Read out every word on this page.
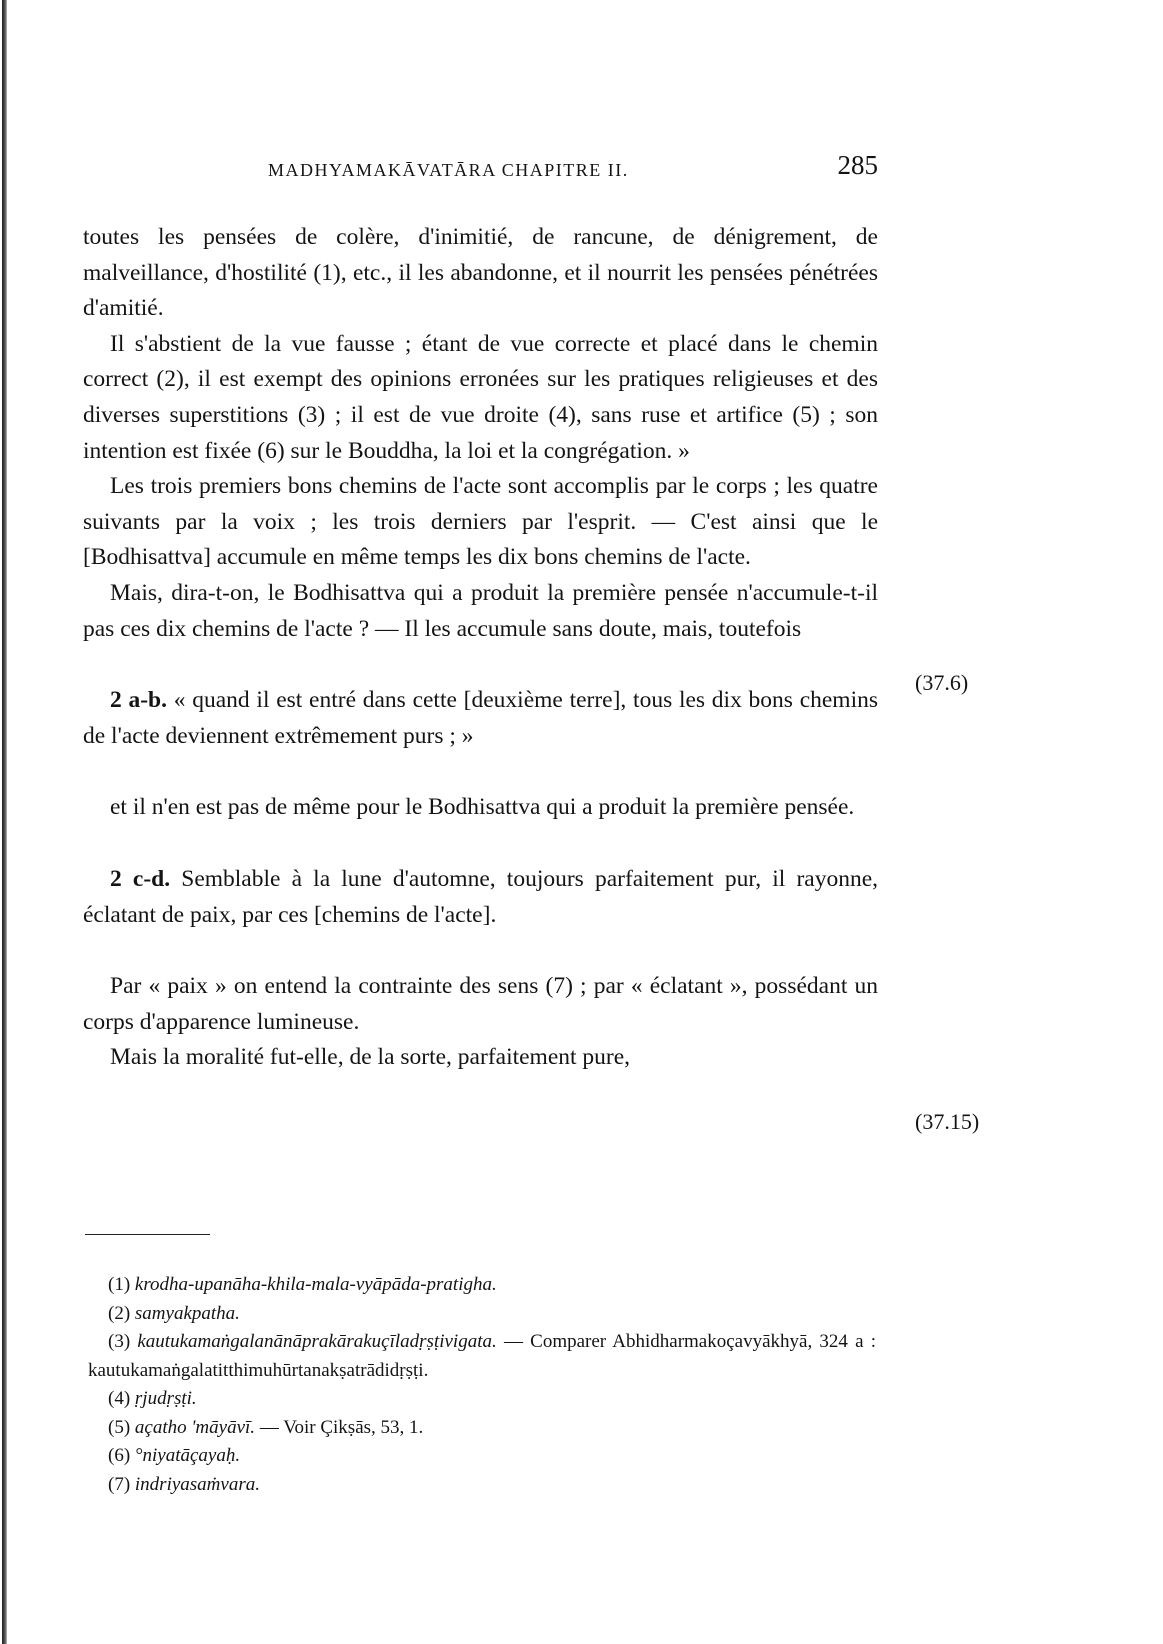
MADHYAMAKĀVATĀRA CHAPITRE II.	285

toutes les pensées de colère, d'inimitié, de rancune, de dénigrement, de malveillance, d'hostilité (1), etc., il les abandonne, et il nourrit les pensées pénétrées d'amitié.

Il s'abstient de la vue fausse ; étant de vue correcte et placé dans le chemin correct (2), il est exempt des opinions erronées sur les pratiques religieuses et des diverses superstitions (3) ; il est de vue droite (4), sans ruse et artifice (5) ; son intention est fixée (6) sur le Bouddha, la loi et la congrégation. »

Les trois premiers bons chemins de l'acte sont accomplis par le corps ; les quatre suivants par la voix ; les trois derniers par l'esprit. — C'est ainsi que le [Bodhisattva] accumule en même temps les dix bons chemins de l'acte.

Mais, dira-t-on, le Bodhisattva qui a produit la première pensée n'accumule-t-il pas ces dix chemins de l'acte ? — Il les accumule sans doute, mais, toutefois

2 a-b. « quand il est entré dans cette [deuxième terre], tous les dix bons chemins de l'acte deviennent extrêmement purs ; »

et il n'en est pas de même pour le Bodhisattva qui a produit la première pensée.

2 c-d. Semblable à la lune d'automne, toujours parfaitement pur, il rayonne, éclatant de paix, par ces [chemins de l'acte].

Par « paix » on entend la contrainte des sens (7) ; par « éclatant », possédant un corps d'apparence lumineuse.

Mais la moralité fut-elle, de la sorte, parfaitement pure,

(37.6)
(37.15)

(1) krodha-upanāha-khila-mala-vyāpāda-pratigha.

(2) samyakpatha.

(3) kautukamaṅgalanānāprakārakuçīladṛṣṭivigata. — Comparer Abhidharmakoçavyākhyā, 324 a : kautukamaṅgalatitthimuhūrtanakṣatrādidṛṣṭi.

(4) ṛjudṛṣṭi.

(5) açatho 'māyāvī. — Voir Çikṣās, 53, 1.

(6) °niyatāçayaḥ.

(7) indriyasaṁvara.
